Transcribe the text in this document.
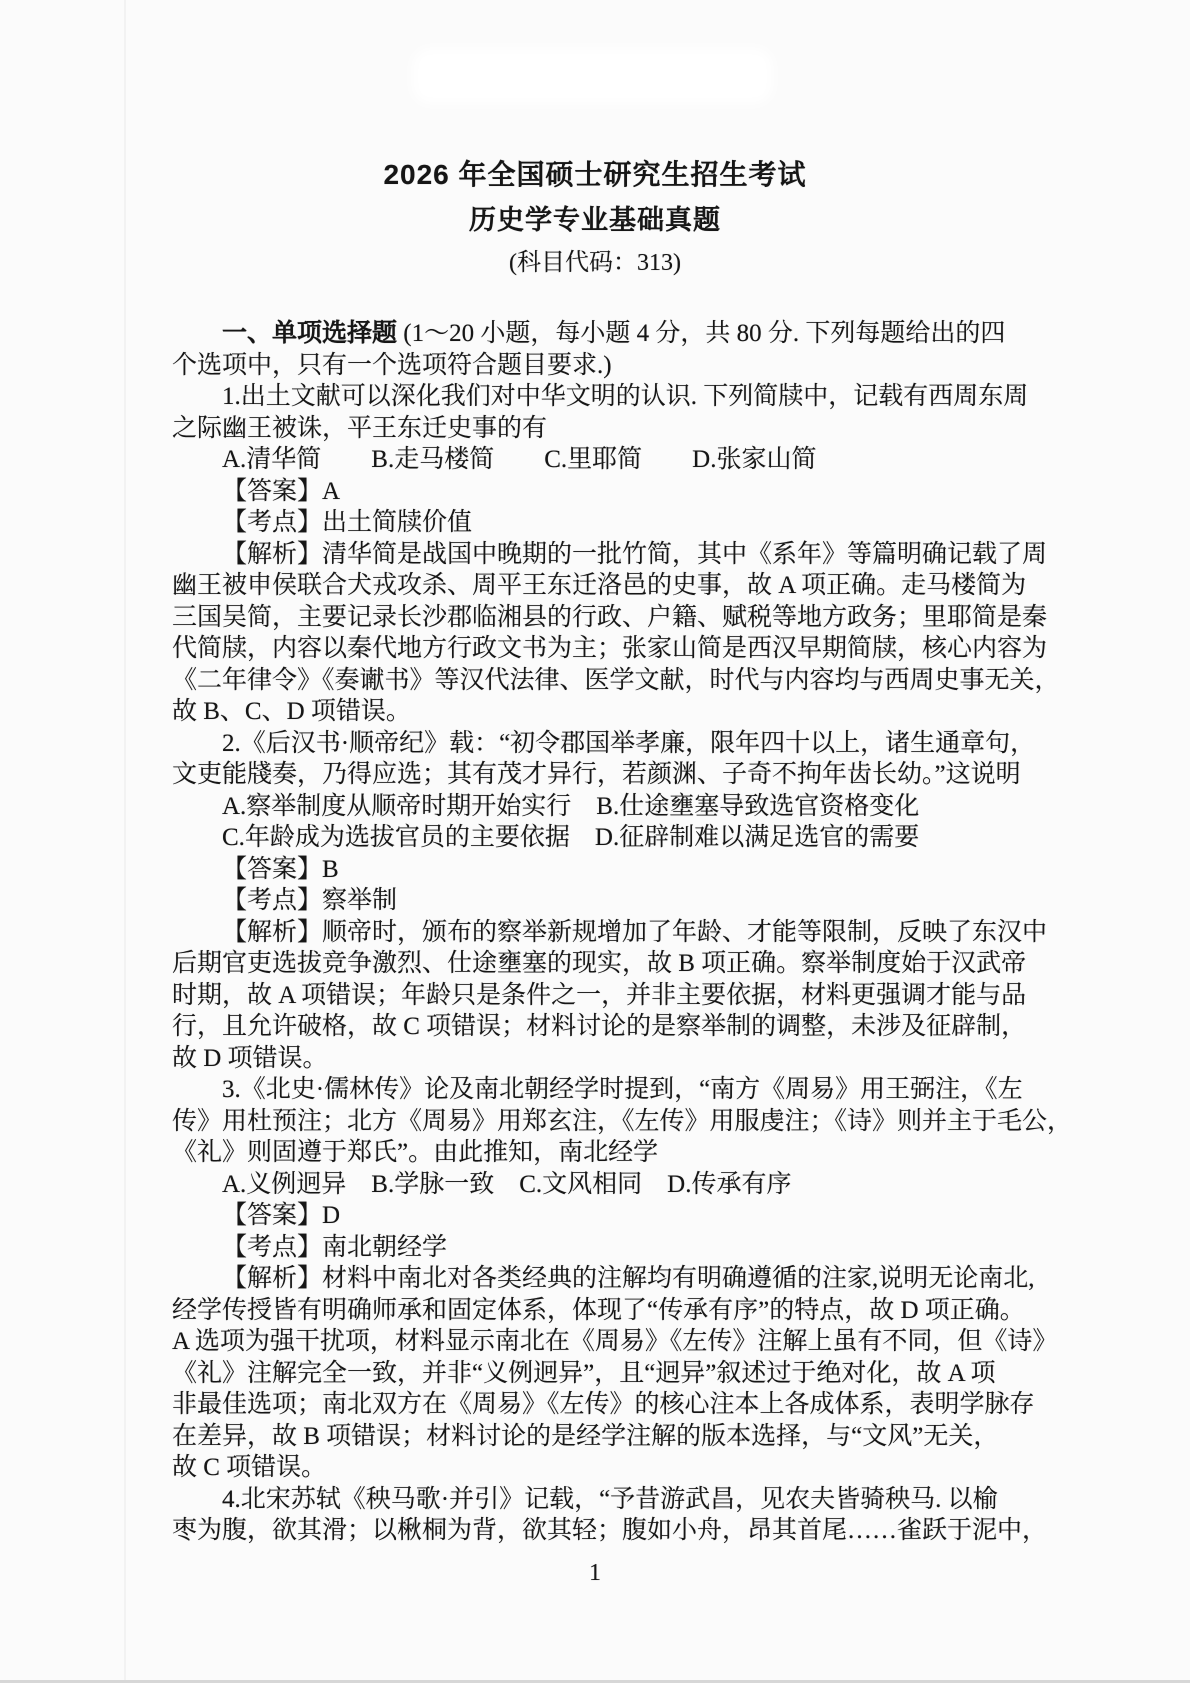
2026 年全国硕士研究生招生考试
历史学专业基础真题
(科目代码：313)

一、单项选择题 (1～20 小题，每小题 4 分，共 80 分. 下列每题给出的四

个选项中，只有一个选项符合题目要求.)

1.出土文献可以深化我们对中华文明的认识. 下列简牍中，记载有西周东周

之际幽王被诛，平王东迁史事的有

A.清华简　　B.走马楼简　　C.里耶简　　D.张家山简

【答案】A

【考点】出土简牍价值

【解析】清华简是战国中晚期的一批竹简，其中《系年》等篇明确记载了周

幽王被申侯联合犬戎攻杀、周平王东迁洛邑的史事，故 A 项正确。走马楼简为

三国吴简，主要记录长沙郡临湘县的行政、户籍、赋税等地方政务；里耶简是秦

代简牍，内容以秦代地方行政文书为主；张家山简是西汉早期简牍，核心内容为

《二年律令》《奏谳书》等汉代法律、医学文献，时代与内容均与西周史事无关，

故 B、C、D 项错误。

2.《后汉书·顺帝纪》载：“初令郡国举孝廉，限年四十以上，诸生通章句，

文吏能牋奏，乃得应选；其有茂才异行，若颜渊、子奇不拘年齿长幼。”这说明

A.察举制度从顺帝时期开始实行　B.仕途壅塞导致选官资格变化

C.年龄成为选拔官员的主要依据　D.征辟制难以满足选官的需要

【答案】B

【考点】察举制

【解析】顺帝时，颁布的察举新规增加了年龄、才能等限制，反映了东汉中

后期官吏选拔竞争激烈、仕途壅塞的现实，故 B 项正确。察举制度始于汉武帝

时期，故 A 项错误；年龄只是条件之一，并非主要依据，材料更强调才能与品

行，且允许破格，故 C 项错误；材料讨论的是察举制的调整，未涉及征辟制，

故 D 项错误。

3.《北史·儒林传》论及南北朝经学时提到，“南方《周易》用王弼注，《左

传》用杜预注；北方《周易》用郑玄注，《左传》用服虔注；《诗》则并主于毛公，

《礼》则固遵于郑氏”。由此推知，南北经学

A.义例迥异　B.学脉一致　C.文风相同　D.传承有序

【答案】D

【考点】南北朝经学

【解析】材料中南北对各类经典的注解均有明确遵循的注家,说明无论南北,

经学传授皆有明确师承和固定体系，体现了“传承有序”的特点，故 D 项正确。

A 选项为强干扰项，材料显示南北在《周易》《左传》注解上虽有不同，但《诗》

《礼》注解完全一致，并非“义例迥异”，且“迥异”叙述过于绝对化，故 A 项

非最佳选项；南北双方在《周易》《左传》的核心注本上各成体系，表明学脉存

在差异，故 B 项错误；材料讨论的是经学注解的版本选择，与“文风”无关，

故 C 项错误。

4.北宋苏轼《秧马歌·并引》记载，“予昔游武昌，见农夫皆骑秧马. 以榆

枣为腹，欲其滑；以楸桐为背，欲其轻；腹如小舟，昂其首尾……雀跃于泥中，

1
